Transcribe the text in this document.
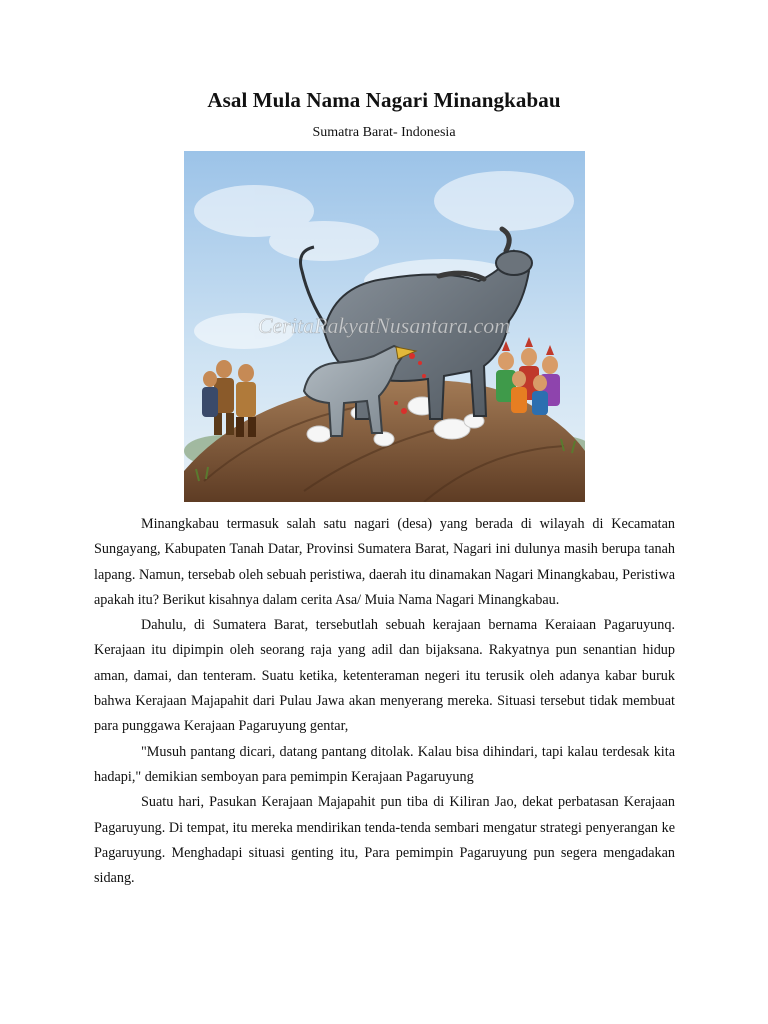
Asal Mula Nama Nagari Minangkabau
Sumatra Barat- Indonesia
CeritaRakyatNusantara.com

Minangkabau termasuk salah satu nagari (desa) yang berada di wilayah di Kecamatan Sungayang, Kabupaten Tanah Datar, Provinsi Sumatera Barat, Nagari ini dulunya masih berupa tanah lapang. Namun, tersebab oleh sebuah peristiwa, daerah itu dinamakan Nagari Minangkabau, Peristiwa apakah itu? Berikut kisahnya dalam cerita Asa/ Muia Nama Nagari Minangkabau.

Dahulu, di Sumatera Barat, tersebutlah sebuah kerajaan bernama Keraiaan Pagaruyunq. Kerajaan itu dipimpin oleh seorang raja yang adil dan bijaksana. Rakyatnya pun senantian hidup aman, damai, dan tenteram. Suatu ketika, ketenteraman negeri itu terusik oleh adanya kabar buruk bahwa Kerajaan Majapahit dari Pulau Jawa akan menyerang mereka. Situasi tersebut tidak membuat para punggawa Kerajaan Pagaruyung gentar,

"Musuh pantang dicari, datang pantang ditolak. Kalau bisa dihindari, tapi kalau terdesak kita hadapi," demikian semboyan para pemimpin Kerajaan Pagaruyung

Suatu hari, Pasukan Kerajaan Majapahit pun tiba di Kiliran Jao, dekat perbatasan Kerajaan Pagaruyung. Di tempat, itu mereka mendirikan tenda-tenda sembari mengatur strategi penyerangan ke Pagaruyung. Menghadapi situasi genting itu, Para pemimpin Pagaruyung pun segera mengadakan sidang.
